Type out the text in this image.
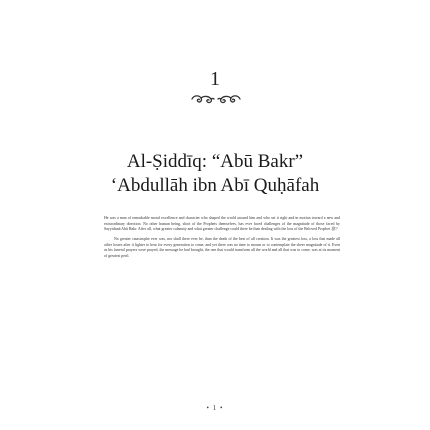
1
Al-Ṣiddīq: “Abū Bakr”
‘Abdullāh ibn Abī Quḥāfah

He was a man of remarkable moral excellence and character who shaped the world around him and who set it right and in motion toward a new and extraordinary direction. No other human being, short of the Prophets themselves, has ever faced challenges of the magnitude of those faced by Sayyidunā Abū Bakr. After all, what greater calamity and what greater challenge could there be than dealing with the loss of the Beloved Prophet ﷺ?

No greater catastrophe ever was, nor shall there ever be, than the death of the best of all creation. It was the greatest loss, a loss that made all other losses after it lighter to bear for every generation to come, and yet there was no time to mourn or to contemplate the sheer magnitude of it. Even as his funeral prayers were prayed, the message he had brought, the one that would transform all the world and all that was to come, was at its moment of greatest peril.

• 1 •
